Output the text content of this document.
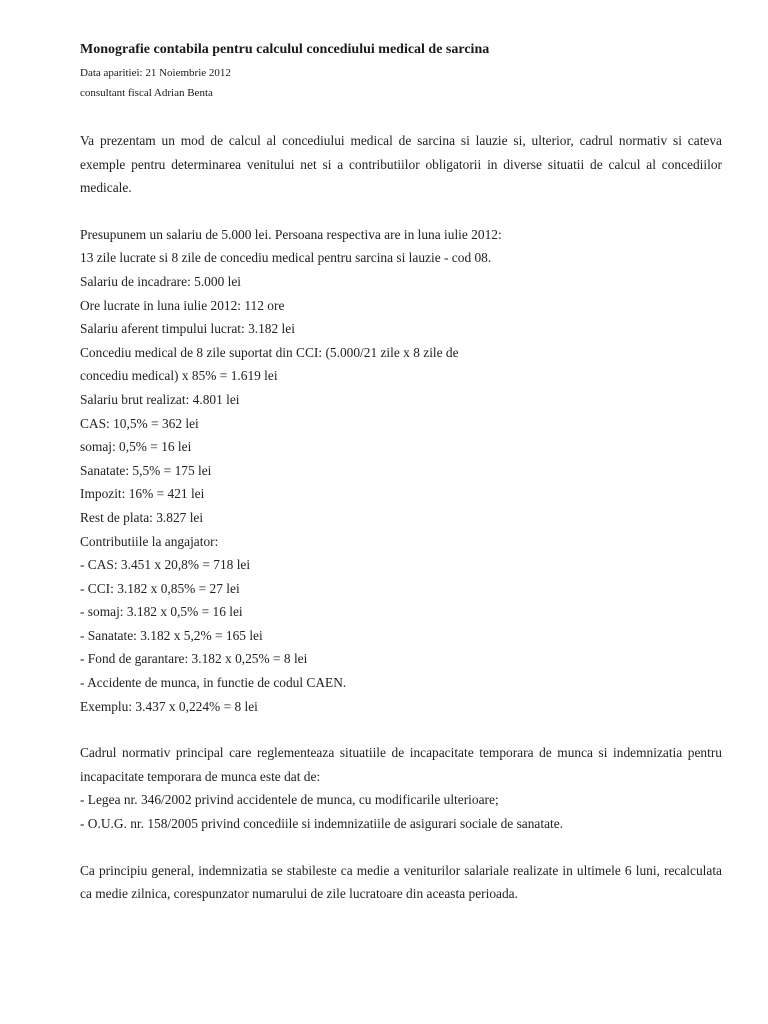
Monografie contabila pentru calculul concediului medical de sarcina

Data aparitiei: 21 Noiembrie 2012

consultant fiscal Adrian Benta

Va prezentam un mod de calcul al concediului medical de sarcina si lauzie si, ulterior, cadrul normativ si cateva exemple pentru determinarea venitului net si a contributiilor obligatorii in diverse situatii de calcul al concediilor medicale.

Presupunem un salariu de 5.000 lei. Persoana respectiva are in luna iulie 2012:
13 zile lucrate si 8 zile de concediu medical pentru sarcina si lauzie - cod 08.
Salariu de incadrare: 5.000 lei
Ore lucrate in luna iulie 2012: 112 ore
Salariu aferent timpului lucrat: 3.182 lei
Concediu medical de 8 zile suportat din CCI: (5.000/21 zile x 8 zile de
concediu medical) x 85% = 1.619 lei
Salariu brut realizat: 4.801 lei
CAS: 10,5% = 362 lei
somaj: 0,5% = 16 lei
Sanatate: 5,5% = 175 lei
Impozit: 16% = 421 lei
Rest de plata: 3.827 lei
Contributiile la angajator:
- CAS: 3.451 x 20,8% = 718 lei
- CCI: 3.182 x 0,85% = 27 lei
- somaj: 3.182 x 0,5% = 16 lei
- Sanatate: 3.182 x 5,2% = 165 lei
- Fond de garantare: 3.182 x 0,25% = 8 lei
- Accidente de munca, in functie de codul CAEN.
Exemplu: 3.437 x 0,224% = 8 lei

Cadrul normativ principal care reglementeaza situatiile de incapacitate temporara de munca si indemnizatia pentru incapacitate temporara de munca este dat de:

- Legea nr. 346/2002 privind accidentele de munca, cu modificarile ulterioare;
- O.U.G. nr. 158/2005 privind concediile si indemnizatiile de asigurari sociale de sanatate.

Ca principiu general, indemnizatia se stabileste ca medie a veniturilor salariale realizate in ultimele 6 luni, recalculata ca medie zilnica, corespunzator numarului de zile lucratoare din aceasta perioada.
